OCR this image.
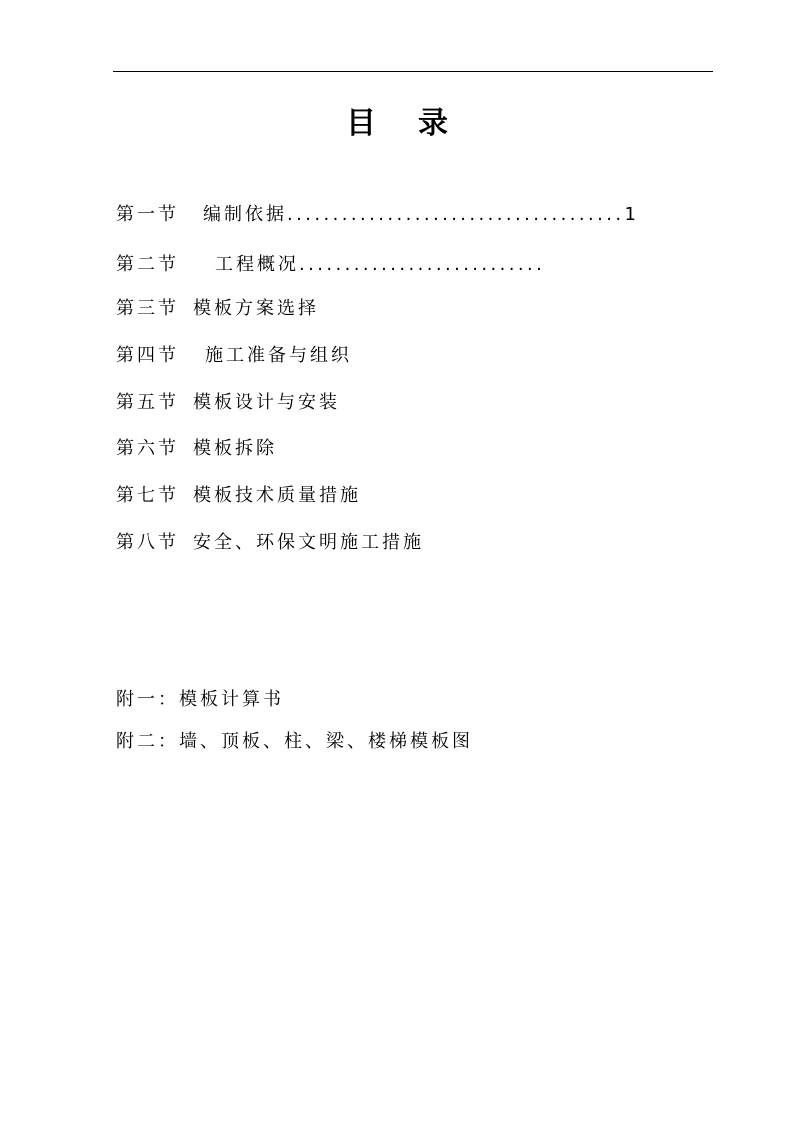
目 录
第一节 编制依据.....................................1
第二节 工程概况...........................
第三节 模板方案选择
第四节 施工准备与组织
第五节 模板设计与安装
第六节 模板拆除
第七节 模板技术质量措施
第八节 安全、环保文明施工措施
附一：模板计算书
附二：墙、顶板、柱、梁、楼梯模板图
